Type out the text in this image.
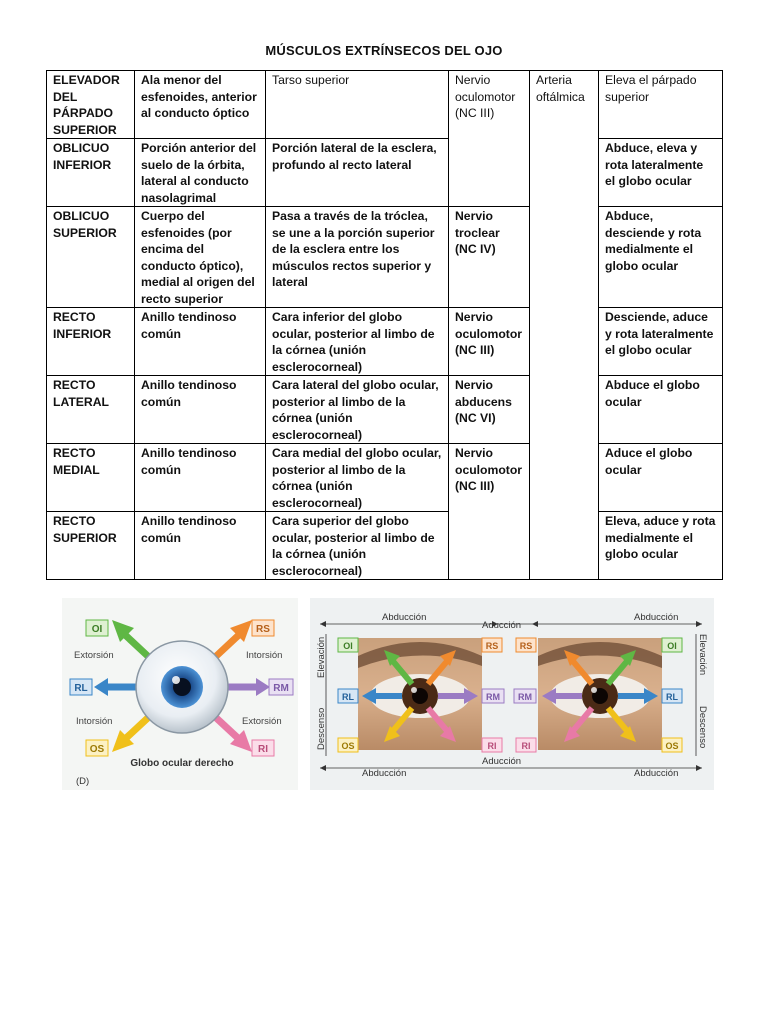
MÚSCULOS EXTRÍNSECOS DEL OJO
ELEVADOR DEL PÁRPADO SUPERIOR	Ala menor del esfenoides, anterior al conducto óptico	Tarso superior	Nervio oculomotor (NC III)	Arteria oftálmica	Eleva el párpado superior
OBLICUO INFERIOR	Porción anterior del suelo de la órbita, lateral al conducto nasolagrimal	Porción lateral de la esclera, profundo al recto lateral			Abduce, eleva y rota lateralmente el globo ocular
OBLICUO SUPERIOR	Cuerpo del esfenoides (por encima del conducto óptico), medial al origen del recto superior	Pasa a través de la tróclea, se une a la porción superior de la esclera entre los músculos rectos superior y lateral	Nervio troclear (NC IV)		Abduce, desciende y rota medialmente el globo ocular
RECTO INFERIOR	Anillo tendinoso común	Cara inferior del globo ocular, posterior al limbo de la córnea (unión esclerocorneal)	Nervio oculomotor (NC III)		Desciende, aduce y rota lateralmente el globo ocular
RECTO LATERAL	Anillo tendinoso común	Cara lateral del globo ocular, posterior al limbo de la córnea (unión esclerocorneal)	Nervio abducens (NC VI)		Abduce el globo ocular
RECTO MEDIAL	Anillo tendinoso común	Cara medial del globo ocular, posterior al limbo de la córnea (unión esclerocorneal)	Nervio oculomotor (NC III)		Aduce el globo ocular
RECTO SUPERIOR	Anillo tendinoso común	Cara superior del globo ocular, posterior al limbo de la córnea (unión esclerocorneal)			Eleva, aduce y rota medialmente el globo ocular
OI	RS
RL	RM
OS	RI
Extorsión	Intorsión
Intorsión	Extorsión
Globo ocular derecho
(D)
Abducción
Aducción
Abducción
Abducción
Aducción
Abducción
Elevación
Descenso
Elevación
Descenso
OI	RS
RL	RM
OS	RI
RS	OI
RM	RL
RI	OS
